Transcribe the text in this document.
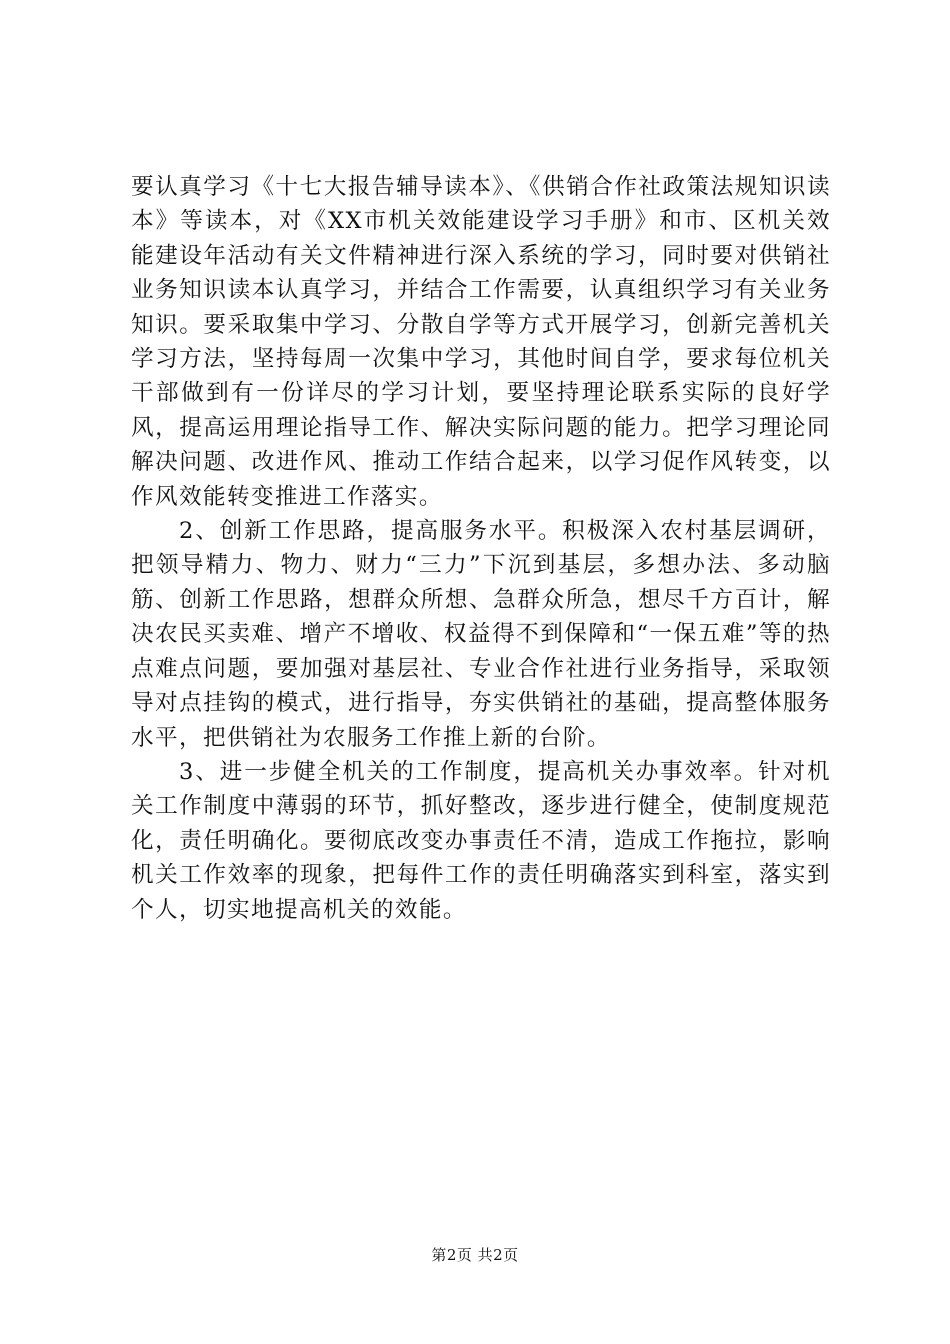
要认真学习《十七大报告辅导读本》、《供销合作社政策法规知识读本》等读本，对《XX市机关效能建设学习手册》和市、区机关效能建设年活动有关文件精神进行深入系统的学习，同时要对供销社业务知识读本认真学习，并结合工作需要，认真组织学习有关业务知识。要采取集中学习、分散自学等方式开展学习，创新完善机关学习方法，坚持每周一次集中学习，其他时间自学，要求每位机关干部做到有一份详尽的学习计划，要坚持理论联系实际的良好学风，提高运用理论指导工作、解决实际问题的能力。把学习理论同解决问题、改进作风、推动工作结合起来，以学习促作风转变，以作风效能转变推进工作落实。

2、创新工作思路，提高服务水平。积极深入农村基层调研，把领导精力、物力、财力“三力”下沉到基层，多想办法、多动脑筋、创新工作思路，想群众所想、急群众所急，想尽千方百计，解决农民买卖难、增产不增收、权益得不到保障和“一保五难”等的热点难点问题，要加强对基层社、专业合作社进行业务指导，采取领导对点挂钩的模式，进行指导，夯实供销社的基础，提高整体服务水平，把供销社为农服务工作推上新的台阶。

3、进一步健全机关的工作制度，提高机关办事效率。针对机关工作制度中薄弱的环节，抓好整改，逐步进行健全，使制度规范化，责任明确化。要彻底改变办事责任不清，造成工作拖拉，影响机关工作效率的现象，把每件工作的责任明确落实到科室，落实到个人，切实地提高机关的效能。

第2页 共2页
